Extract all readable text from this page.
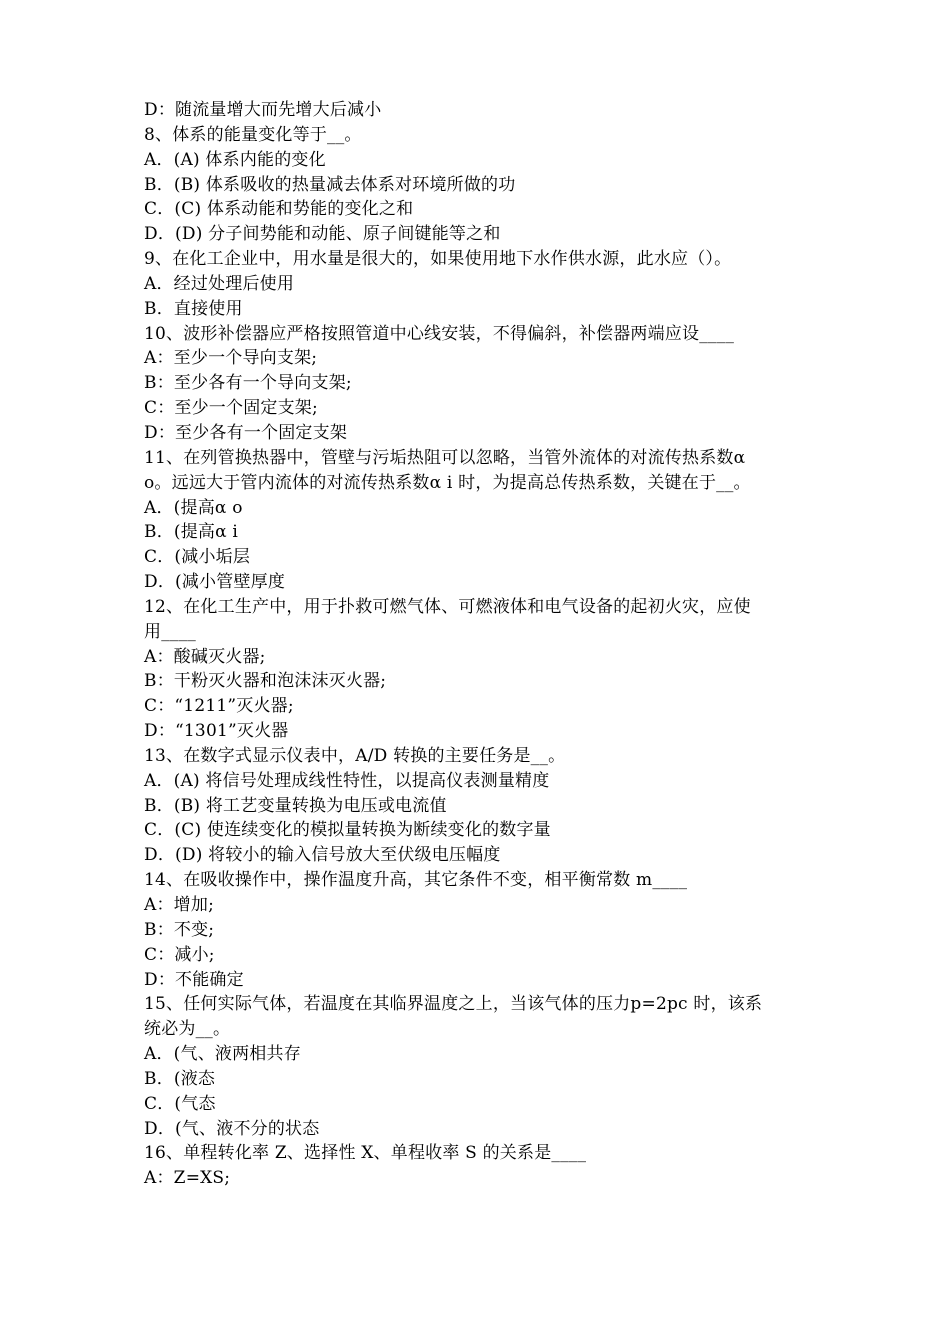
D：随流量增大而先增大后减小
8、体系的能量变化等于__。
A．(A) 体系内能的变化
B．(B) 体系吸收的热量减去体系对环境所做的功
C．(C) 体系动能和势能的变化之和
D．(D) 分子间势能和动能、原子间键能等之和
9、在化工企业中，用水量是很大的，如果使用地下水作供水源，此水应（）。
A．经过处理后使用
B．直接使用
10、波形补偿器应严格按照管道中心线安装，不得偏斜，补偿器两端应设____
A：至少一个导向支架;
B：至少各有一个导向支架;
C：至少一个固定支架;
D：至少各有一个固定支架
11、在列管换热器中，管壁与污垢热阻可以忽略，当管外流体的对流传热系数α
o。远远大于管内流体的对流传热系数α i 时，为提高总传热系数，关键在于__。
A．(提高α o
B．(提高α i
C．(减小垢层
D．(减小管壁厚度
12、在化工生产中，用于扑救可燃气体、可燃液体和电气设备的起初火灾，应使
用____
A：酸碱灭火器;
B：干粉灭火器和泡沫沫灭火器;
C：“1211”灭火器;
D：“1301”灭火器
13、在数字式显示仪表中，A/D 转换的主要任务是__。
A．(A) 将信号处理成线性特性，以提高仪表测量精度
B．(B) 将工艺变量转换为电压或电流值
C．(C) 使连续变化的模拟量转换为断续变化的数字量
D．(D) 将较小的输入信号放大至伏级电压幅度
14、在吸收操作中，操作温度升高，其它条件不变，相平衡常数 m____
A：增加;
B：不变;
C：减小;
D：不能确定
15、任何实际气体，若温度在其临界温度之上，当该气体的压力p=2pc 时，该系
统必为__。
A．(气、液两相共存
B．(液态
C．(气态
D．(气、液不分的状态
16、单程转化率 Z、选择性 X、单程收率 S 的关系是____
A：Z=XS;
